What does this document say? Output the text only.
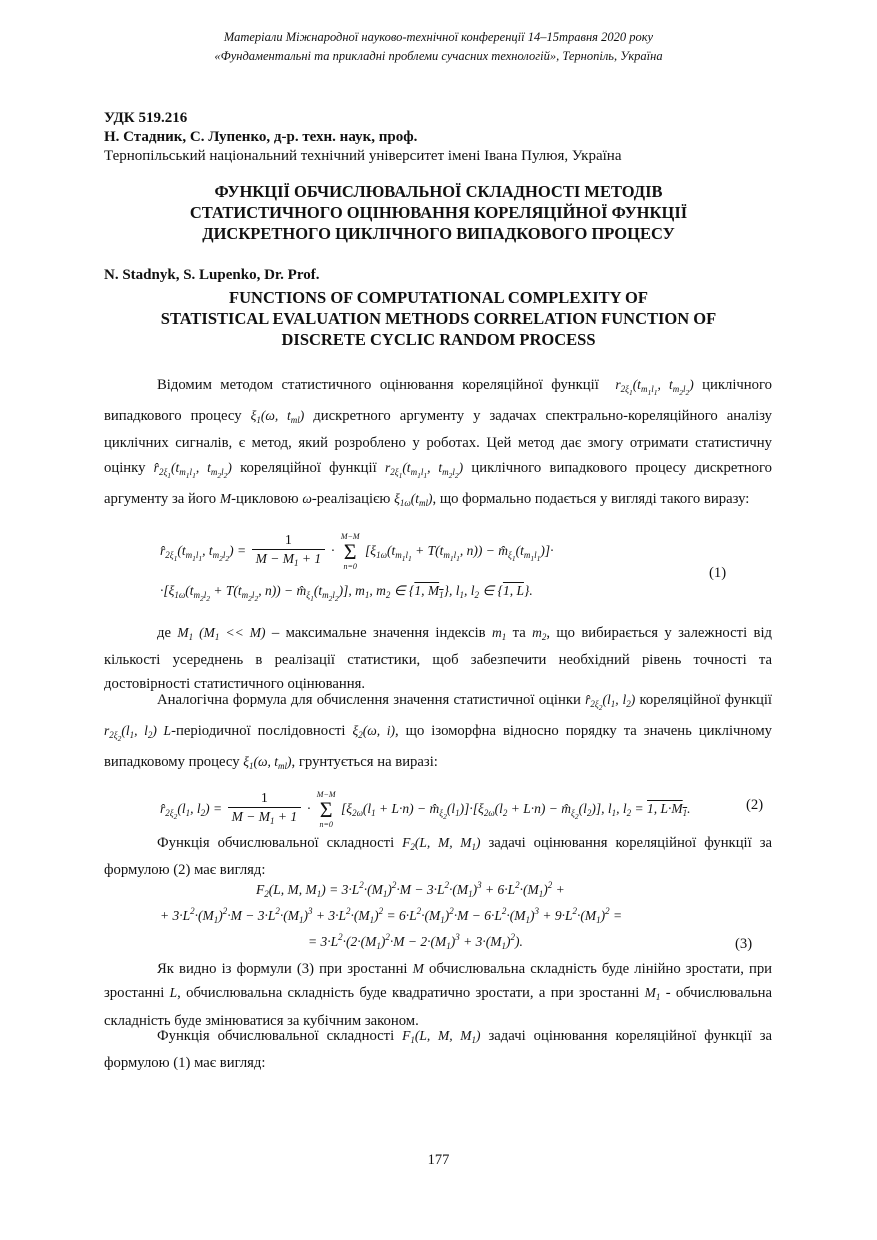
Матеріали Міжнародної науково-технічної конференції 14–15травня 2020 року
«Фундаментальні та прикладні проблеми сучасних технологій», Тернопіль, Україна
УДК 519.216
Н. Стадник, С. Лупенко, д-р. техн. наук, проф.
Тернопільський національний технічний університет імені Івана Пулюя, Україна
ФУНКЦІЇ ОБЧИСЛЮВАЛЬНОЇ СКЛАДНОСТІ МЕТОДІВ
СТАТИСТИЧНОГО ОЦІНЮВАННЯ КОРЕЛЯЦІЙНОЇ ФУНКЦІЇ
ДИСКРЕТНОГО ЦИКЛІЧНОГО ВИПАДКОВОГО ПРОЦЕСУ
N. Stadnyk, S. Lupenko, Dr. Prof.
FUNCTIONS OF COMPUTATIONAL COMPLEXITY OF
STATISTICAL EVALUATION METHODS CORRELATION FUNCTION OF
DISCRETE CYCLIC RANDOM PROCESS
Відомим методом статистичного оцінювання кореляційної функції  $r_{2\xi_1}(t_{m_1l_1}$, $t_{m_2l_2}$) циклічного випадкового процесу $\xi_1(\omega$, $t_{ml}$) дискретного аргументу у задачах спектрально-кореляційного аналізу циклічних сигналів, є метод, який розроблено у роботах. Цей метод дає змогу отримати статистичну оцінку $r̂_{2\xi_1}(t_{m_1l_1}$, $t_{m_2l_2}$) кореляційної функції $r_{2\xi_1}(t_{m_1l_1}$, $t_{m_2l_2}$) циклічного випадкового процесу дискретного аргументу за його M-цикловою ω-реалізацією $\xi_{1\omega}(t_{ml})$, що формально подається у вигляді такого виразу:
$r̂_{2\xi_1}(t_{m_1l_1}$, $t_{m_2l_2}) = \frac{1}{M - M_1 + 1}$ ·
M−M
Σ
n=0
[$\xi_{1\omega}(t_{m_1l_1} + T(t_{m_1l_1}$, $n)) - m̂_{\xi_1}(t_{m_1l_1})]\cdot$
$\cdot[\xi_{1\omega}(t_{m_2l_2} + T(t_{m_2l_2}$, $n)) - m̂_{\xi_1}(t_{m_2l_2})$], $m_1$, $m_2$ ∈ {1, $M_1$}, $l_1$, $l_2$ ∈ {1, L}.
(1)
де $M_1$ $(M_1 << M)$ – максимальне значення індексів $m_1$ та $m_2$, що вибирається у залежності від кількості усереднень в реалізації статистики, щоб забезпечити необхідний рівень точності та достовірності статистичного оцінювання.
Аналогічна формула для обчислення значення статистичної оцінки $r̂_{2\xi_2}(l_1$, $l_2$) кореляційної функції $r_{2\xi_2}(l_1$, $l_2$) L-періодичної послідовності $\xi_2(\omega$, i), що ізоморфна відносно порядку та значень циклічному випадковому процесу $\xi_1(\omega$, $t_{ml}$), грунтується на виразі:
$r̂_{2\xi_2}(l_1$, $l_2) = \frac{1}{M - M_1 + 1}$ ·
M−M
Σ
n=0
[$\xi_{2\omega}(l_1 + L\cdot n)$ − $m̂_{\xi_2}(l_1)]\cdot[\xi_{2\omega}(l_2 + L\cdot n)$ − $m̂_{\xi_2}(l_2)$], $l_1$, $l_2 = 1$, $L\cdot M_1$.	(2)
Функція обчислювальної складності $F_2(L$, M, $M_1$) задачі оцінювання кореляційної функції за формулою (2) має вигляд:
$F_2(L$, M, $M_1) = 3\cdot L^2\cdot(M_1)^2\cdot M - 3\cdot L^2\cdot(M_1)^3 + 6\cdot L^2\cdot(M_1)^2$ +
+ $3\cdot L^2\cdot(M_1)^2\cdot M - 3\cdot L^2\cdot(M_1)^3 + 3\cdot L^2\cdot(M_1)^2 = 6\cdot L^2\cdot(M_1)^2\cdot M - 6\cdot L^2\cdot(M_1)^3 + 9\cdot L^2\cdot(M_1)^2$ =
= $3\cdot L^2\cdot(2\cdot(M_1)^2\cdot M - 2\cdot(M_1)^3 + 3\cdot(M_1)^2)$.	(3)
Як видно із формули (3) при зростанні M обчислювальна складність буде лінійно зростати, при зростанні L, обчислювальна складність буде квадратично зростати, а при зростанні $M_1$ - обчислювальна складність буде змінюватися за кубічним законом.
Функція обчислювальної складності $F_1(L$, M, $M_1$) задачі оцінювання кореляційної функції за формулою (1) має вигляд:
177
